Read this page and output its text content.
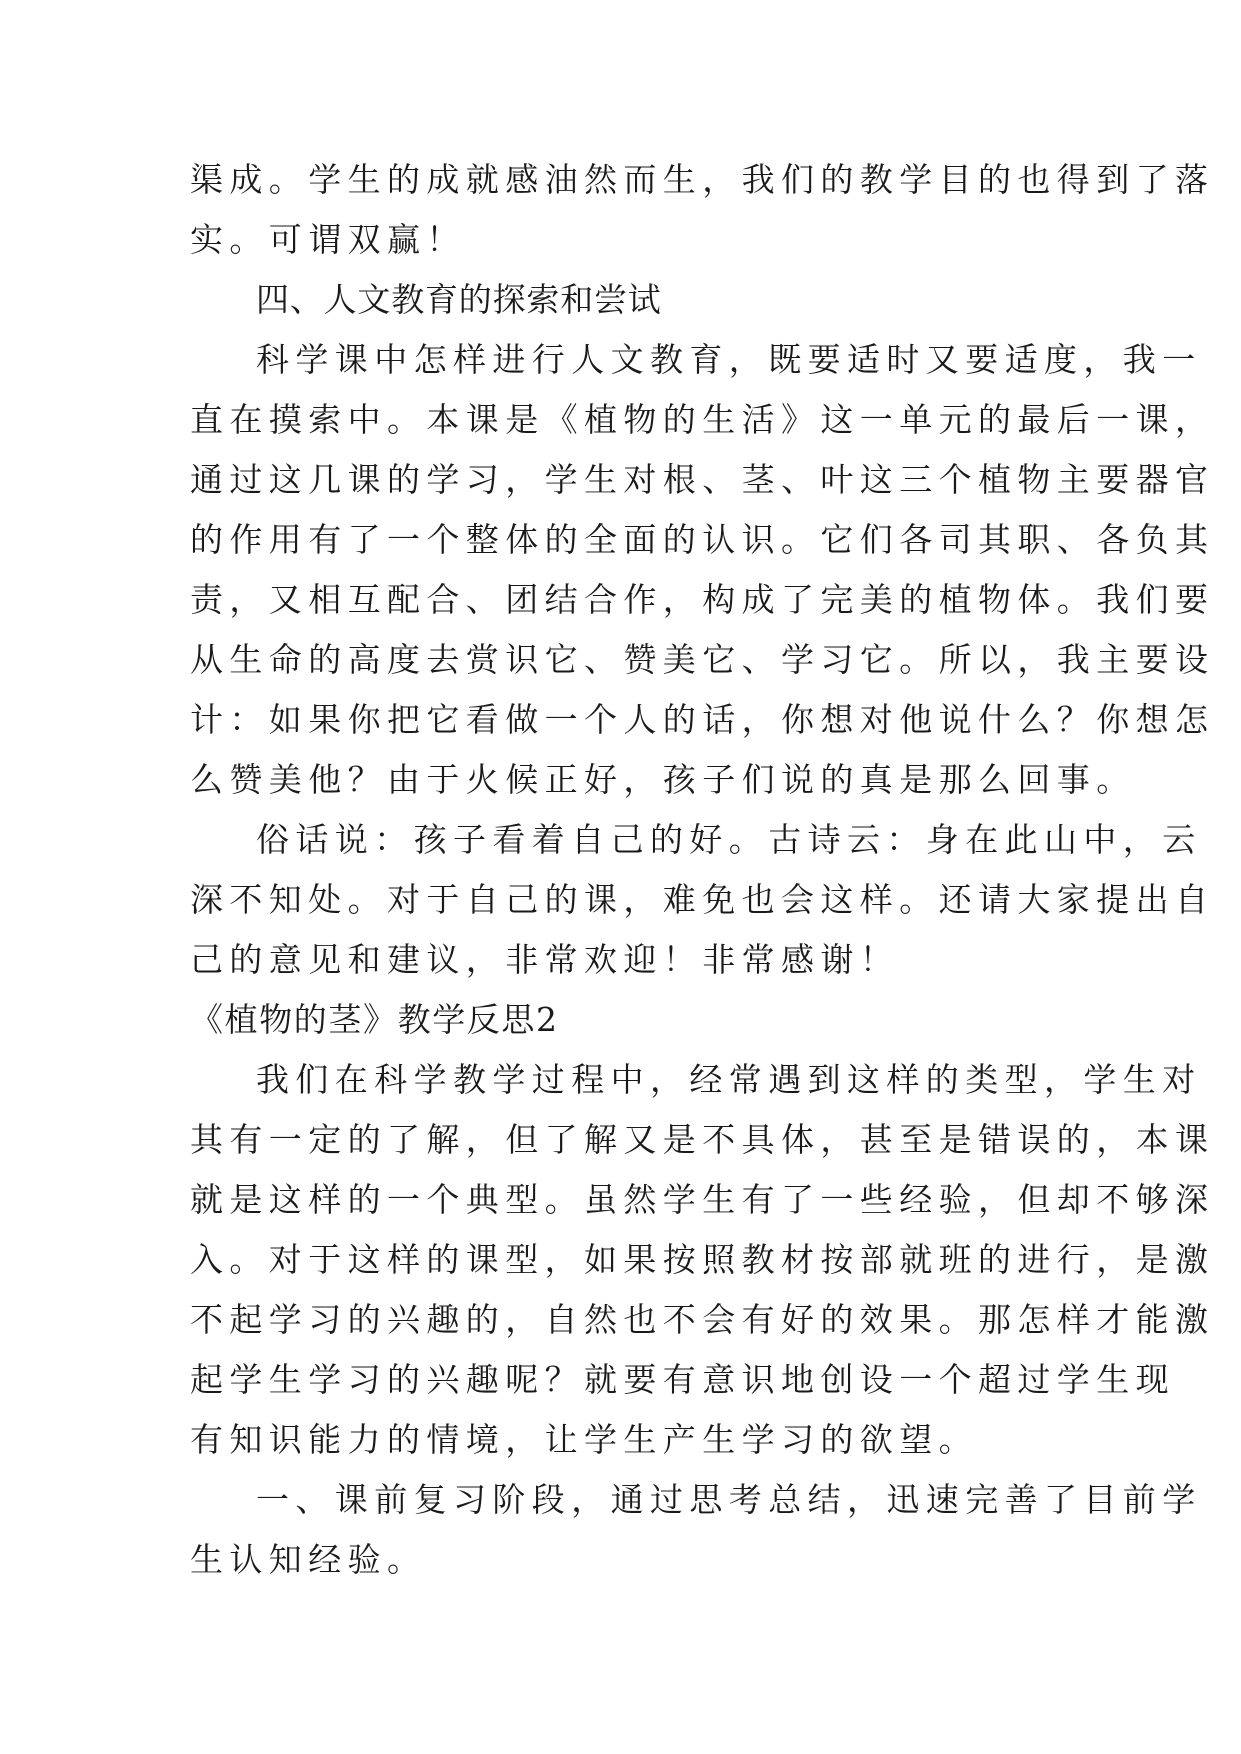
渠成。学生的成就感油然而生，我们的教学目的也得到了落

实。可谓双赢！

四、人文教育的探索和尝试

科学课中怎样进行人文教育，既要适时又要适度，我一

直在摸索中。本课是《植物的生活》这一单元的最后一课，

通过这几课的学习，学生对根、茎、叶这三个植物主要器官

的作用有了一个整体的全面的认识。它们各司其职、各负其

责，又相互配合、团结合作，构成了完美的植物体。我们要

从生命的高度去赏识它、赞美它、学习它。所以，我主要设

计：如果你把它看做一个人的话，你想对他说什么？你想怎

么赞美他？由于火候正好，孩子们说的真是那么回事。

俗话说：孩子看着自己的好。古诗云：身在此山中，云

深不知处。对于自己的课，难免也会这样。还请大家提出自

己的意见和建议，非常欢迎！非常感谢！

《植物的茎》教学反思2

我们在科学教学过程中，经常遇到这样的类型，学生对

其有一定的了解，但了解又是不具体，甚至是错误的，本课

就是这样的一个典型。虽然学生有了一些经验，但却不够深

入。对于这样的课型，如果按照教材按部就班的进行，是激

不起学习的兴趣的，自然也不会有好的效果。那怎样才能激

起学生学习的兴趣呢？就要有意识地创设一个超过学生现

有知识能力的情境，让学生产生学习的欲望。

一、课前复习阶段，通过思考总结，迅速完善了目前学

生认知经验。
